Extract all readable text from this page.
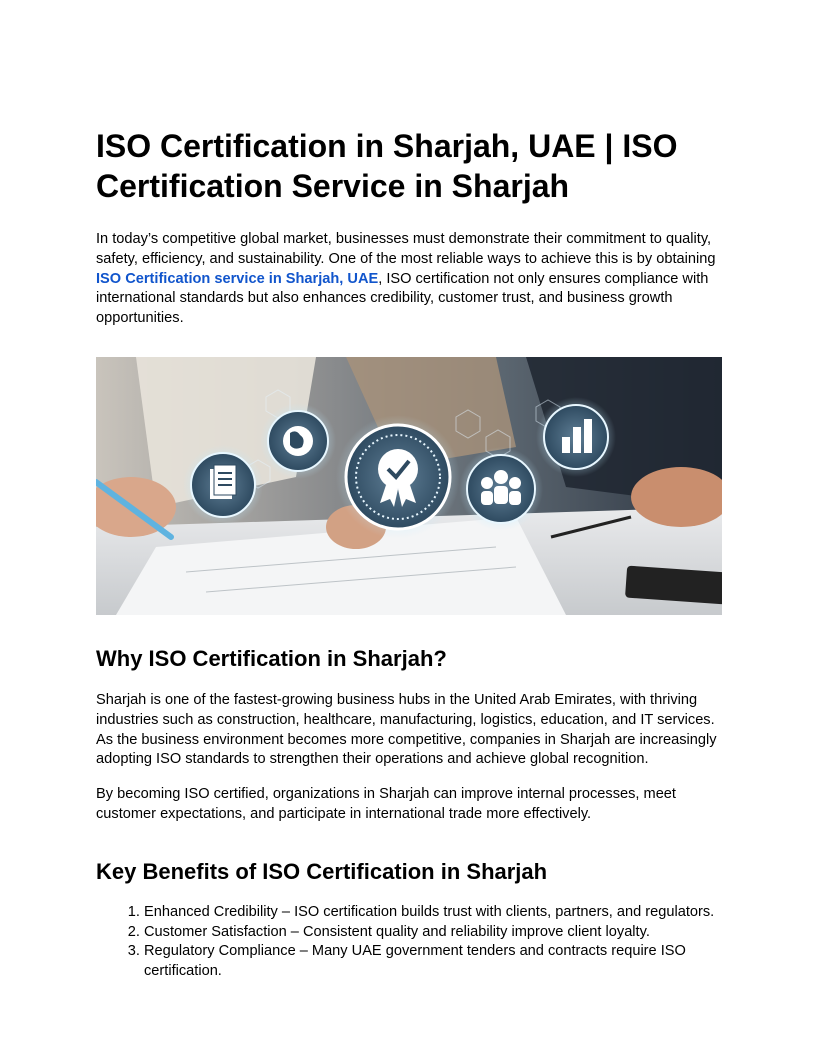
ISO Certification in Sharjah, UAE | ISO Certification Service in Sharjah

In today’s competitive global market, businesses must demonstrate their commitment to quality, safety, efficiency, and sustainability. One of the most reliable ways to achieve this is by obtaining ISO Certification service in Sharjah, UAE, ISO certification not only ensures compliance with international standards but also enhances credibility, customer trust, and business growth opportunities.

Why ISO Certification in Sharjah?

Sharjah is one of the fastest-growing business hubs in the United Arab Emirates, with thriving industries such as construction, healthcare, manufacturing, logistics, education, and IT services. As the business environment becomes more competitive, companies in Sharjah are increasingly adopting ISO standards to strengthen their operations and achieve global recognition.

By becoming ISO certified, organizations in Sharjah can improve internal processes, meet customer expectations, and participate in international trade more effectively.

Key Benefits of ISO Certification in Sharjah
1. Enhanced Credibility – ISO certification builds trust with clients, partners, and regulators.
2. Customer Satisfaction – Consistent quality and reliability improve client loyalty.
3. Regulatory Compliance – Many UAE government tenders and contracts require ISO certification.
